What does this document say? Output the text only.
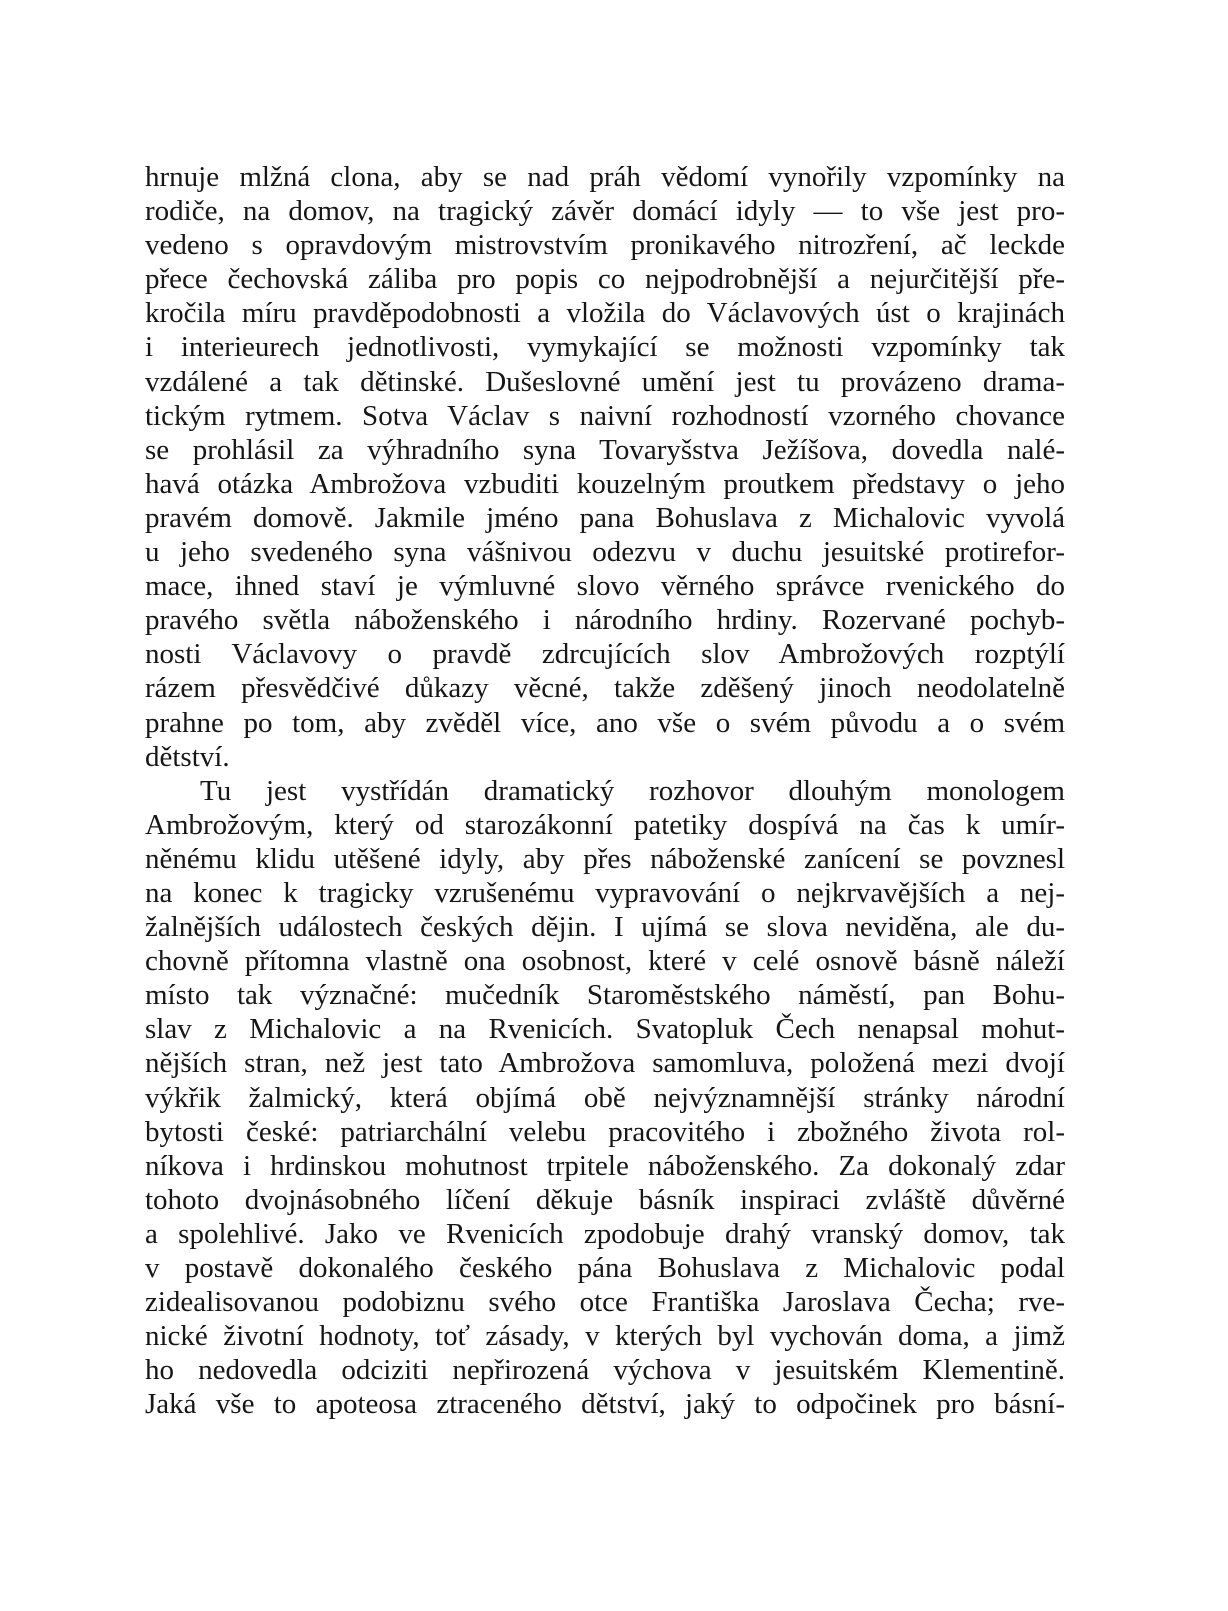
hrnuje mlžná clona, aby se nad práh vědomí vynořily vzpomínky na
rodiče, na domov, na tragický závěr domácí idyly — to vše jest pro-
vedeno s opravdovým mistrovstvím pronikavého nitrozření, ač leckde
přece čechovská záliba pro popis co nejpodrobnější a nejurčitější pře-
kročila míru pravděpodobnosti a vložila do Václavových úst o krajinách
i interieurech jednotlivosti, vymykající se možnosti vzpomínky tak
vzdálené a tak dětinské. Dušeslovné umění jest tu provázeno drama-
tickým rytmem. Sotva Václav s naivní rozhodností vzorného chovance
se prohlásil za výhradního syna Tovaryšstva Ježíšova, dovedla nalé-
havá otázka Ambrožova vzbuditi kouzelným proutkem představy o jeho
pravém domově. Jakmile jméno pana Bohuslava z Michalovic vyvolá
u jeho svedeného syna vášnivou odezvu v duchu jesuitské protirefor-
mace, ihned staví je výmluvné slovo věrného správce rvenického do
pravého světla náboženského i národního hrdiny. Rozervané pochyb-
nosti Václavovy o pravdě zdrcujících slov Ambrožových rozptýlí
rázem přesvědčivé důkazy věcné, takže zděšený jinoch neodolatelně
prahne po tom, aby zvěděl více, ano vše o svém původu a o svém
dětství.
Tu jest vystřídán dramatický rozhovor dlouhým monologem
Ambrožovým, který od starozákonní patetiky dospívá na čas k umír-
něnému klidu utěšené idyly, aby přes náboženské zanícení se povznesl
na konec k tragicky vzrušenému vypravování o nejkrvavějších a nej-
žalnějších událostech českých dějin. I ujímá se slova neviděna, ale du-
chovně přítomna vlastně ona osobnost, které v celé osnově básně náleží
místo tak význačné: mučedník Staroměstského náměstí, pan Bohu-
slav z Michalovic a na Rvenicích. Svatopluk Čech nenapsal mohut-
nějších stran, než jest tato Ambrožova samomluva, položená mezi dvojí
výkřik žalmický, která objímá obě nejvýznamnější stránky národní
bytosti české: patriarchální velebu pracovitého i zbožného života rol-
níkova i hrdinskou mohutnost trpitele náboženského. Za dokonalý zdar
tohoto dvojnásobného líčení děkuje básník inspiraci zvláště důvěrné
a spolehlivé. Jako ve Rvenicích zpodobuje drahý vranský domov, tak
v postavě dokonalého českého pána Bohuslava z Michalovic podal
zidealisovanou podobiznu svého otce Františka Jaroslava Čecha; rve-
nické životní hodnoty, toť zásady, v kterých byl vychován doma, a jimž
ho nedovedla odciziti nepřirozená výchova v jesuitském Klementině.
Jaká vše to apoteosa ztraceného dětství, jaký to odpočinek pro básní-
